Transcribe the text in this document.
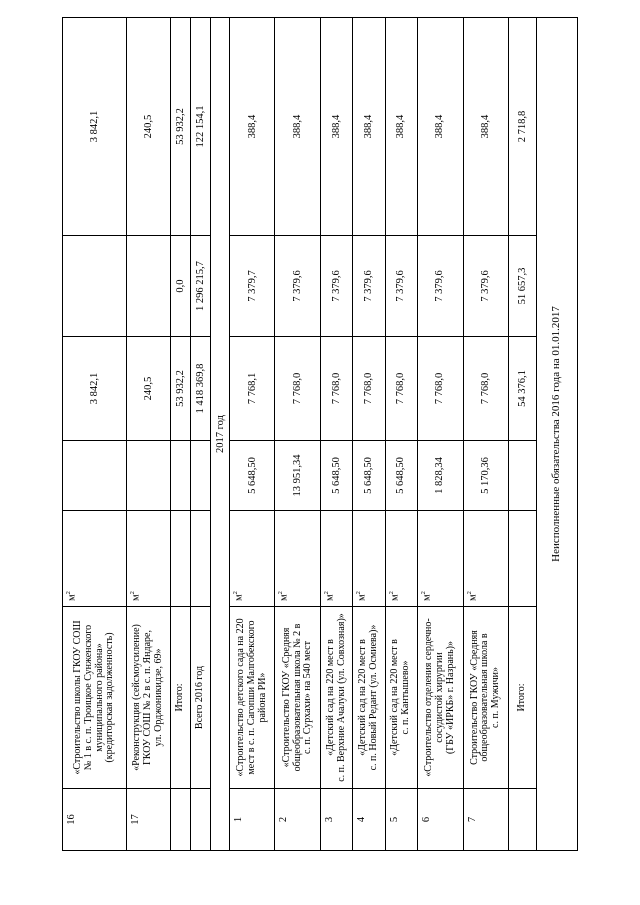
16	«Строительство школы ГКОУ СОШ
№ 1 в с. п. Троицкое Сунженского
муниципального района»
(кредиторская задолженность)	$м^2$		3 842,1		3 842,1
17	«Реконструкция (сейсмоусиление)
ГКОУ СОШ № 2 в с. п. Яндаре,
ул. Орджоникидзе, 69»	$м^2$		240,5		240,5
	Итого:			53 932,2	0,0	53 932,2
	Всего 2016 год			1 418 369,8	1 296 215,7	122 154,1
2017 год						
1	«Строительство детского сада на 220
мест в с. п. Сагопши Малгобекского
района РИ»	$м^2$	5 648,50	7 768,1	7 379,7	388,4
2	«Строительство ГКОУ «Средняя
общеобразовательная школа № 2 в
с. п. Сурхахи» на 540 мест	$м^2$	13 951,34	7 768,0	7 379,6	388,4
3	«Детский сад на 220 мест в
с. п. Верхние Ачалуки (ул. Совхозная)»	$м^2$	5 648,50	7 768,0	7 379,6	388,4
4	«Детский сад на 220 мест в
с. п. Новый Редант (ул. Осмиева)»	$м^2$	5 648,50	7 768,0	7 379,6	388,4
5	«Детский сад на 220 мест в
с. п. Кантышево»	$м^2$	5 648,50	7 768,0	7 379,6	388,4
6	«Строительство отделения сердечно-
сосудистой хирургии
(ГБУ «ИРКБ» г. Назрань)»	$м^2$	1 828,34	7 768,0	7 379,6	388,4
7	Строительство ГКОУ «Средняя
общеобразовательная школа в
с. п. Мужичи»	$м^2$	5 170,36	7 768,0	7 379,6	388,4
	Итого:			54 376,1	51 657,3	2 718,8
Неисполненные обязательства 2016 года на 01.01.2017						
